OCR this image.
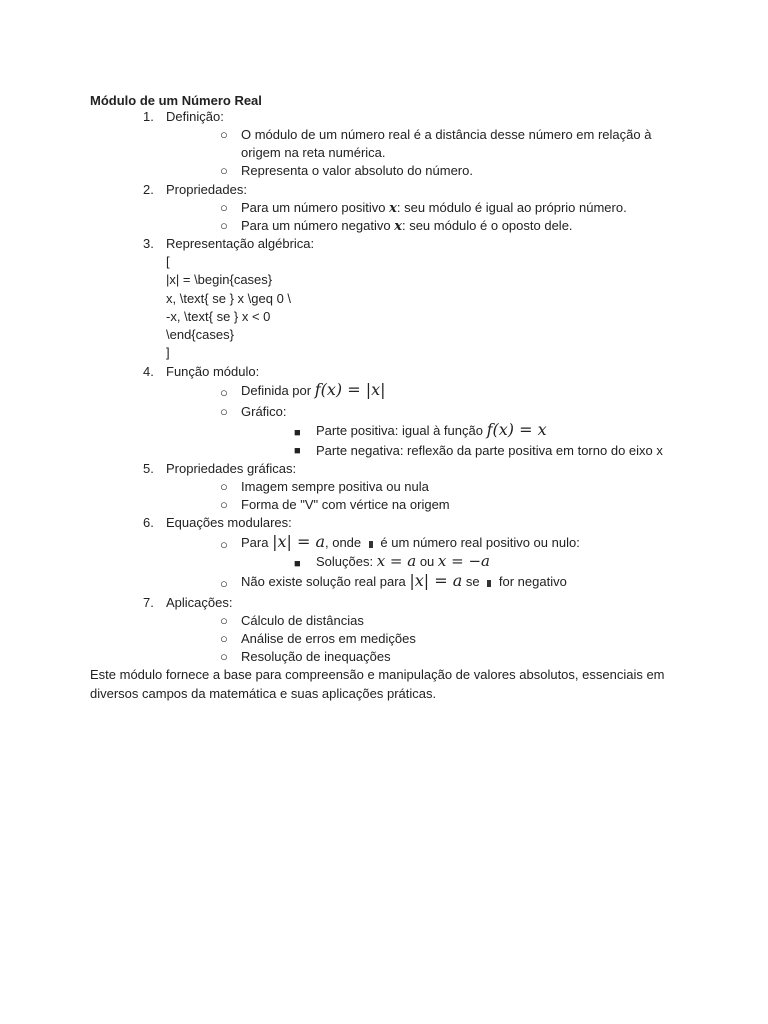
Módulo de um Número Real
1. Definição:
○ O módulo de um número real é a distância desse número em relação à
origem na reta numérica.
○ Representa o valor absoluto do número.
2. Propriedades:
○ Para um número positivo x: seu módulo é igual ao próprio número.
○ Para um número negativo x: seu módulo é o oposto dele.
3. Representação algébrica:
[
|x| = \begin{cases}
x, \text{ se } x \geq 0 \
-x, \text{ se } x < 0
\end{cases}
]
4. Função módulo:
○ Definida por f(x) = |x|
○ Gráfico:
■ Parte positiva: igual à função f(x) = x
■ Parte negativa: reflexão da parte positiva em torno do eixo x
5. Propriedades gráficas:
○ Imagem sempre positiva ou nula
○ Forma de "V" com vértice na origem
6. Equações modulares:
○ Para |x| = a, onde  é um número real positivo ou nulo:
■ Soluções: x = a ou x = −a
○ Não existe solução real para |x| = a se  for negativo
7. Aplicações:
○ Cálculo de distâncias
○ Análise de erros em medições
○ Resolução de inequações
Este módulo fornece a base para compreensão e manipulação de valores absolutos, essenciais em
diversos campos da matemática e suas aplicações práticas.
